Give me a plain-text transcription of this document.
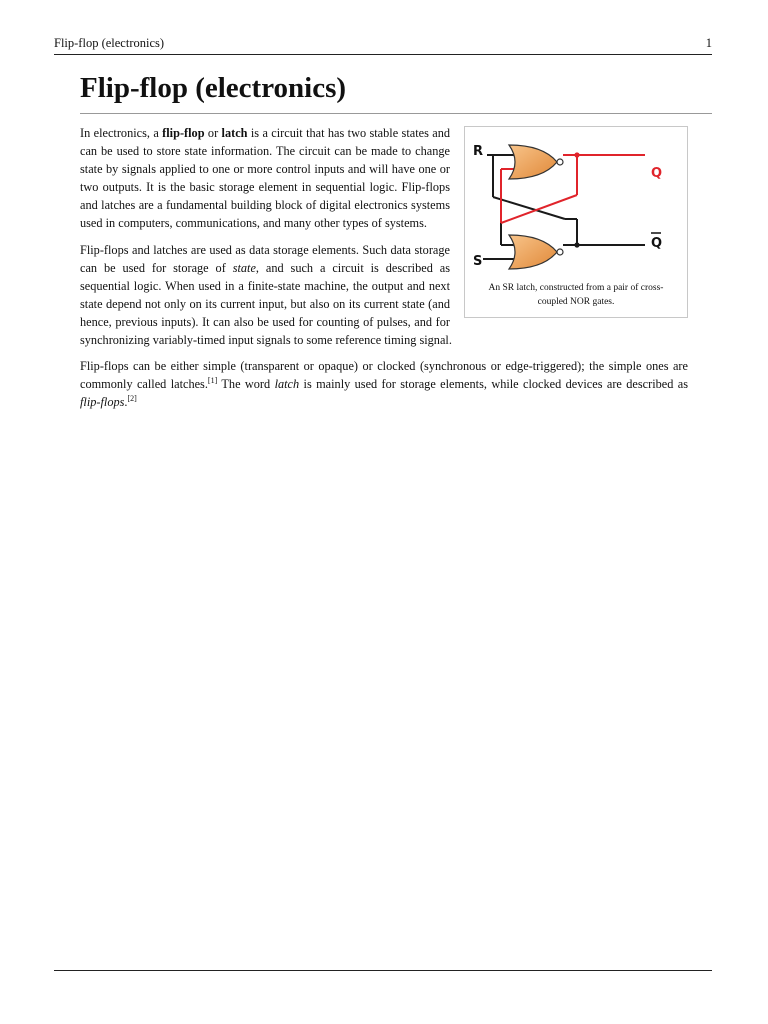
Flip-flop (electronics)	1
Flip-flop (electronics)
R
S
Q
Q
An SR latch, constructed from a pair of cross-coupled NOR gates.

In electronics, a flip-flop or latch is a circuit that has two stable states and can be used to store state information. The circuit can be made to change state by signals applied to one or more control inputs and will have one or two outputs. It is the basic storage element in sequential logic. Flip-flops and latches are a fundamental building block of digital electronics systems used in computers, communications, and many other types of systems.

Flip-flops and latches are used as data storage elements. Such data storage can be used for storage of state, and such a circuit is described as sequential logic. When used in a finite-state machine, the output and next state depend not only on its current input, but also on its current state (and hence, previous inputs). It can also be used for counting of pulses, and for synchronizing variably-timed input signals to some reference timing signal.

Flip-flops can be either simple (transparent or opaque) or clocked (synchronous or edge-triggered); the simple ones are commonly called latches.[1] The word latch is mainly used for storage elements, while clocked devices are described as flip-flops.[2]
